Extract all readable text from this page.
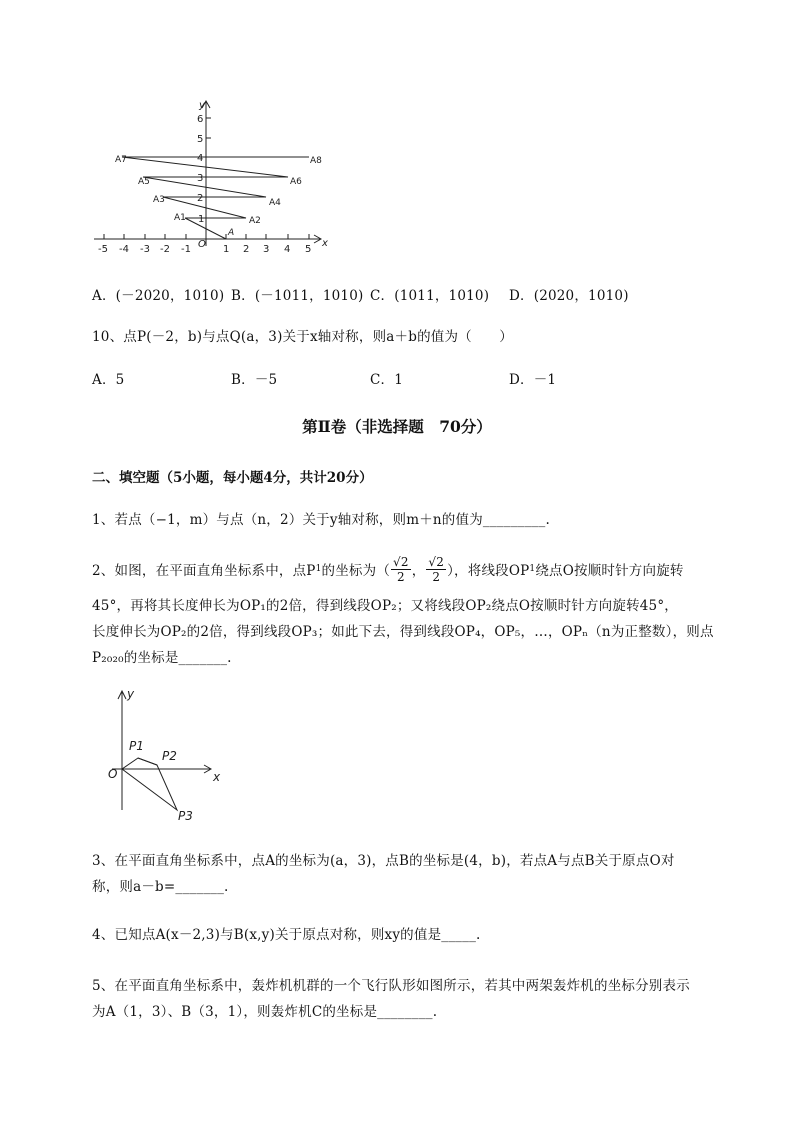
y
x
O
-5 -4 -3 -2 -1	1 2 3 4 5
1
2
3
4
5
6
A
A1	A2
A3	A4
A5	A6
A7	A8
A．(－2020，1010) B．(－1011，1010) C．(1011，1010) D．(2020，1010)
10、点P(－2，b)与点Q(a，3)关于x轴对称，则a＋b的值为（　　）
A．5	B．－5	C．1	D．－1
第Ⅱ卷（非选择题　70分）
二、填空题（5小题，每小题4分，共计20分）
1、若点（−1，m）与点（n，2）关于y轴对称，则m＋n的值为_________.
2、如图，在平面直角坐标系中，点P 1 的坐标为（ $\frac{√2}{2}$ ， $\frac{√2}{2}$ ），将线段OP 1 绕点O按顺时针方向旋转
45°，再将其长度伸长为OP₁的2倍，得到线段OP₂；又将线段OP₂绕点O按顺时针方向旋转45°，
长度伸长为OP₂的2倍，得到线段OP₃；如此下去，得到线段OP₄，OP₅，…，OPₙ（n为正整数），则点
P₂₀₂₀的坐标是_______.
y
x
O
P1
P2
P3
3、在平面直角坐标系中，点A的坐标为(a，3)，点B的坐标是(4，b)，若点A与点B关于原点O对
称，则a－b=_______.
4、已知点A(x－2,3)与B(x,y)关于原点对称，则xy的值是_____.
5、在平面直角坐标系中，轰炸机机群的一个飞行队形如图所示，若其中两架轰炸机的坐标分别表示
为A（1，3）、B（3，1），则轰炸机C的坐标是________.
